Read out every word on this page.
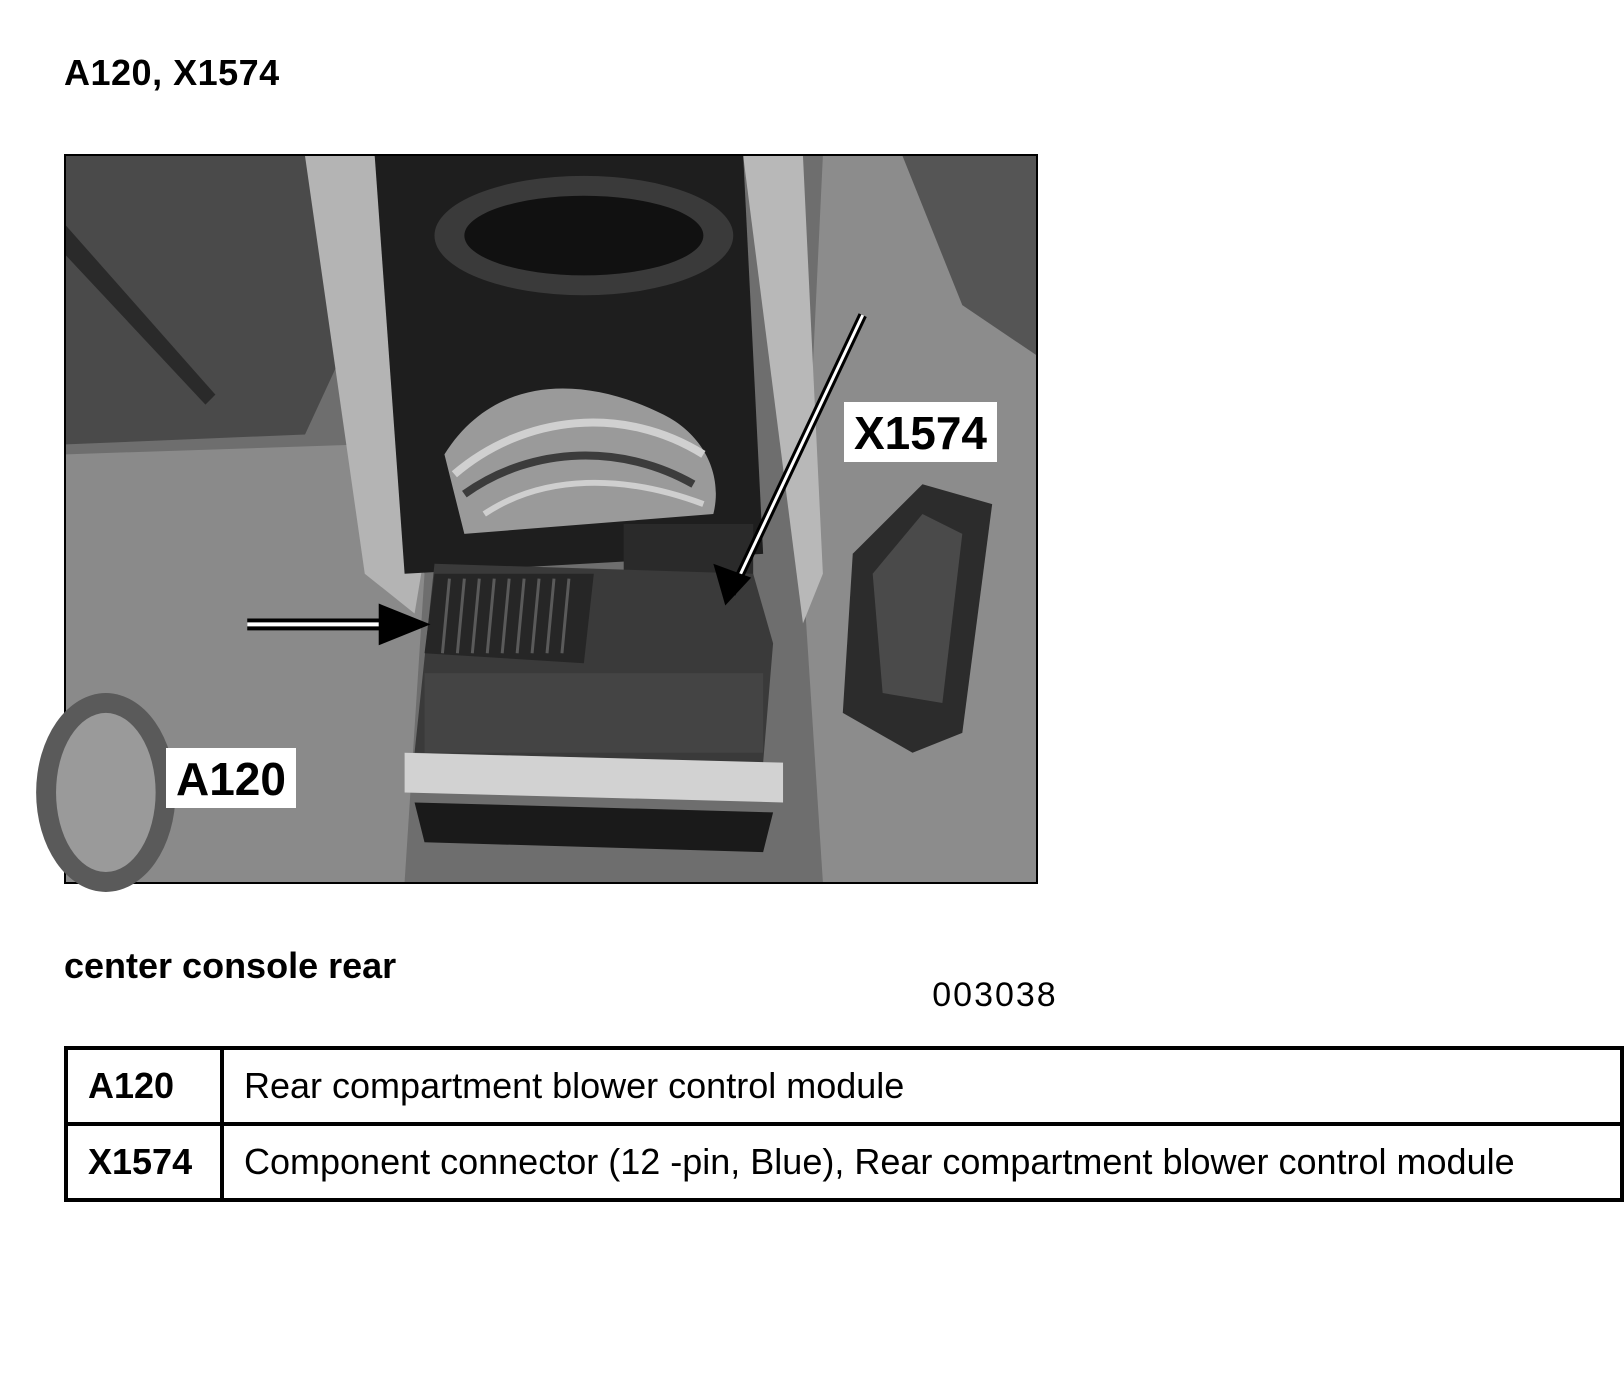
A120, X1574
A120
X1574
003038
center console rear
A120	Rear compartment blower control module
X1574	Component connector (12 -pin, Blue), Rear compartment blower control module
